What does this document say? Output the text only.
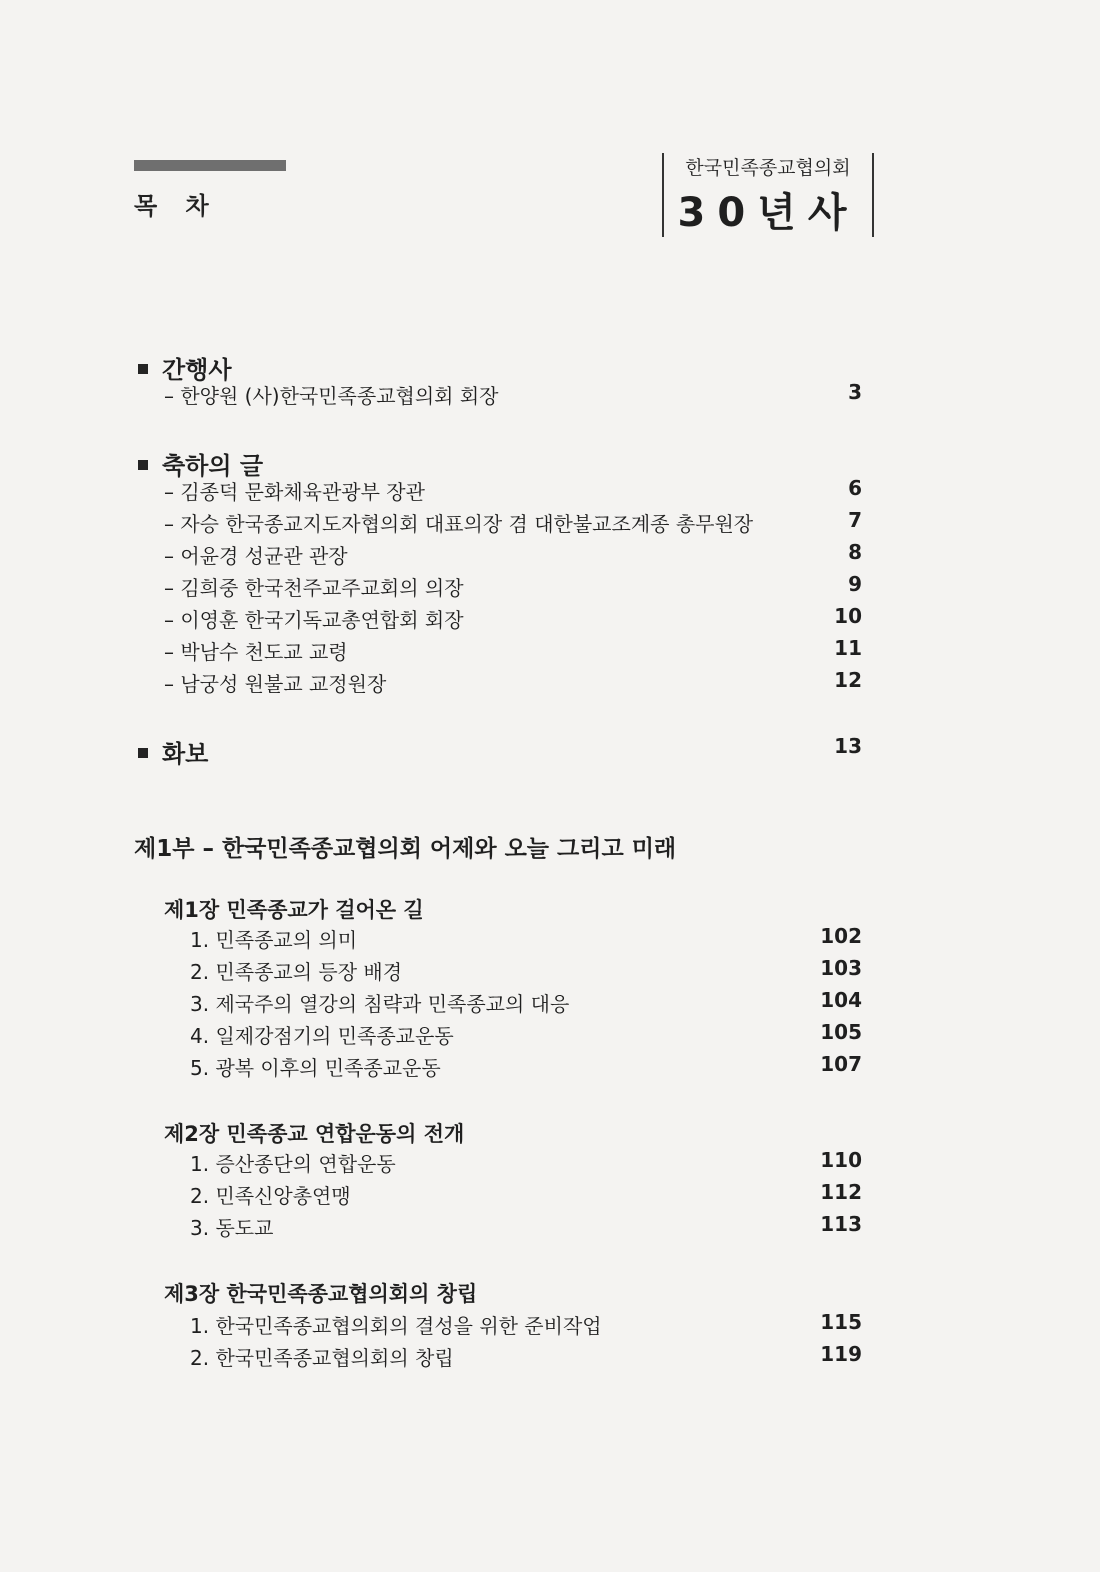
목 차
한국민족종교협의회
30년사
간행사
– 한양원 (사)한국민족종교협의회 회장	3
축하의 글
– 김종덕 문화체육관광부 장관	6
– 자승 한국종교지도자협의회 대표의장 겸 대한불교조계종 총무원장	7
– 어윤경 성균관 관장	8
– 김희중 한국천주교주교회의 의장	9
– 이영훈 한국기독교총연합회 회장	10
– 박남수 천도교 교령	11
– 남궁성 원불교 교정원장	12
화보	13
제1부 – 한국민족종교협의회 어제와 오늘 그리고 미래
제1장 민족종교가 걸어온 길
1. 민족종교의 의미	102
2. 민족종교의 등장 배경	103
3. 제국주의 열강의 침략과 민족종교의 대응	104
4. 일제강점기의 민족종교운동	105
5. 광복 이후의 민족종교운동	107
제2장 민족종교 연합운동의 전개
1. 증산종단의 연합운동	110
2. 민족신앙총연맹	112
3. 동도교	113
제3장 한국민족종교협의회의 창립
1. 한국민족종교협의회의 결성을 위한 준비작업	115
2. 한국민족종교협의회의 창립	119
